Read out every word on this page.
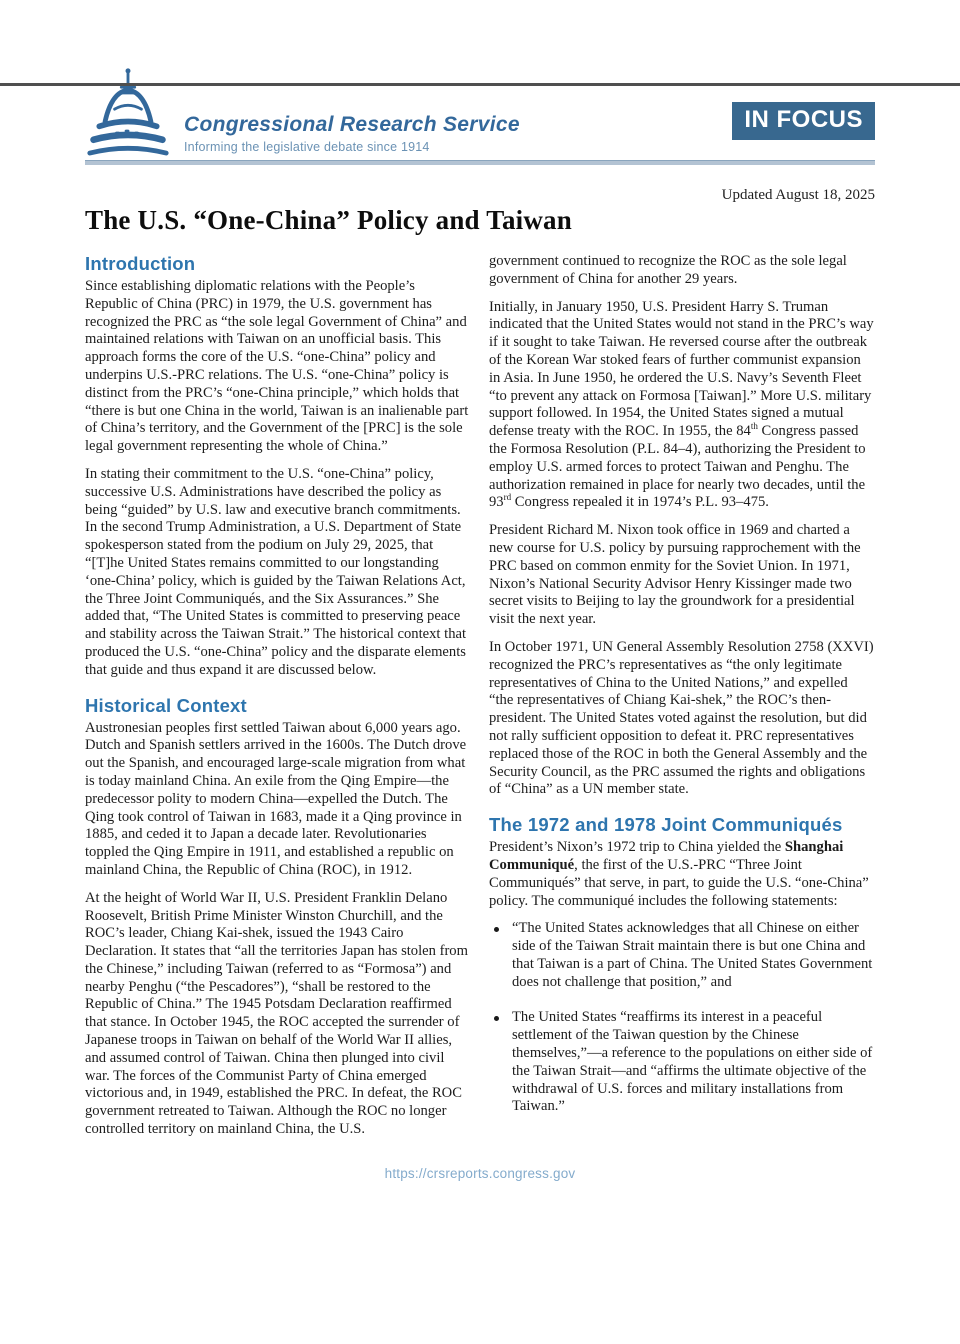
Congressional Research Service
Informing the legislative debate since 1914
IN FOCUS
Updated August 18, 2025
The U.S. “One-China” Policy and Taiwan
Introduction

Since establishing diplomatic relations with the People’s Republic of China (PRC) in 1979, the U.S. government has recognized the PRC as “the sole legal Government of China” and maintained relations with Taiwan on an unofficial basis. This approach forms the core of the U.S. “one-China” policy and underpins U.S.-PRC relations. The U.S. “one-China” policy is distinct from the PRC’s “one-China principle,” which holds that “there is but one China in the world, Taiwan is an inalienable part of China’s territory, and the Government of the [PRC] is the sole legal government representing the whole of China.”

In stating their commitment to the U.S. “one-China” policy, successive U.S. Administrations have described the policy as being “guided” by U.S. law and executive branch commitments. In the second Trump Administration, a U.S. Department of State spokesperson stated from the podium on July 29, 2025, that “[T]he United States remains committed to our longstanding ‘one-China’ policy, which is guided by the Taiwan Relations Act, the Three Joint Communiqués, and the Six Assurances.” She added that, “The United States is committed to preserving peace and stability across the Taiwan Strait.” The historical context that produced the U.S. “one-China” policy and the disparate elements that guide and thus expand it are discussed below.

Historical Context

Austronesian peoples first settled Taiwan about 6,000 years ago. Dutch and Spanish settlers arrived in the 1600s. The Dutch drove out the Spanish, and encouraged large-scale migration from what is today mainland China. An exile from the Qing Empire—the predecessor polity to modern China—expelled the Dutch. The Qing took control of Taiwan in 1683, made it a Qing province in 1885, and ceded it to Japan a decade later. Revolutionaries toppled the Qing Empire in 1911, and established a republic on mainland China, the Republic of China (ROC), in 1912.

At the height of World War II, U.S. President Franklin Delano Roosevelt, British Prime Minister Winston Churchill, and the ROC’s leader, Chiang Kai-shek, issued the 1943 Cairo Declaration. It states that “all the territories Japan has stolen from the Chinese,” including Taiwan (referred to as “Formosa”) and nearby Penghu (“the Pescadores”), “shall be restored to the Republic of China.” The 1945 Potsdam Declaration reaffirmed that stance. In October 1945, the ROC accepted the surrender of Japanese troops in Taiwan on behalf of the World War II allies, and assumed control of Taiwan. China then plunged into civil war. The forces of the Communist Party of China emerged victorious and, in 1949, established the PRC. In defeat, the ROC government retreated to Taiwan. Although the ROC no longer controlled territory on mainland China, the U.S.

government continued to recognize the ROC as the sole legal government of China for another 29 years.

Initially, in January 1950, U.S. President Harry S. Truman indicated that the United States would not stand in the PRC’s way if it sought to take Taiwan. He reversed course after the outbreak of the Korean War stoked fears of further communist expansion in Asia. In June 1950, he ordered the U.S. Navy’s Seventh Fleet “to prevent any attack on Formosa [Taiwan].” More U.S. military support followed. In 1954, the United States signed a mutual defense treaty with the ROC. In 1955, the 84th Congress passed the Formosa Resolution (P.L. 84–4), authorizing the President to employ U.S. armed forces to protect Taiwan and Penghu. The authorization remained in place for nearly two decades, until the 93rd Congress repealed it in 1974’s P.L. 93–475.

President Richard M. Nixon took office in 1969 and charted a new course for U.S. policy by pursuing rapprochement with the PRC based on common enmity for the Soviet Union. In 1971, Nixon’s National Security Advisor Henry Kissinger made two secret visits to Beijing to lay the groundwork for a presidential visit the next year.

In October 1971, UN General Assembly Resolution 2758 (XXVI) recognized the PRC’s representatives as “the only legitimate representatives of China to the United Nations,” and expelled “the representatives of Chiang Kai-shek,” the ROC’s then-president. The United States voted against the resolution, but did not rally sufficient opposition to defeat it. PRC representatives replaced those of the ROC in both the General Assembly and the Security Council, as the PRC assumed the rights and obligations of “China” as a UN member state.

The 1972 and 1978 Joint Communiqués

President’s Nixon’s 1972 trip to China yielded the Shanghai Communiqué, the first of the U.S.-PRC “Three Joint Communiqués” that serve, in part, to guide the U.S. “one-China” policy. The communiqué includes the following statements:

“The United States acknowledges that all Chinese on either side of the Taiwan Strait maintain there is but one China and that Taiwan is a part of China. The United States Government does not challenge that position,” and
The United States “reaffirms its interest in a peaceful settlement of the Taiwan question by the Chinese themselves,”—a reference to the populations on either side of the Taiwan Strait—and “affirms the ultimate objective of the withdrawal of U.S. forces and military installations from Taiwan.”
https://crsreports.congress.gov
